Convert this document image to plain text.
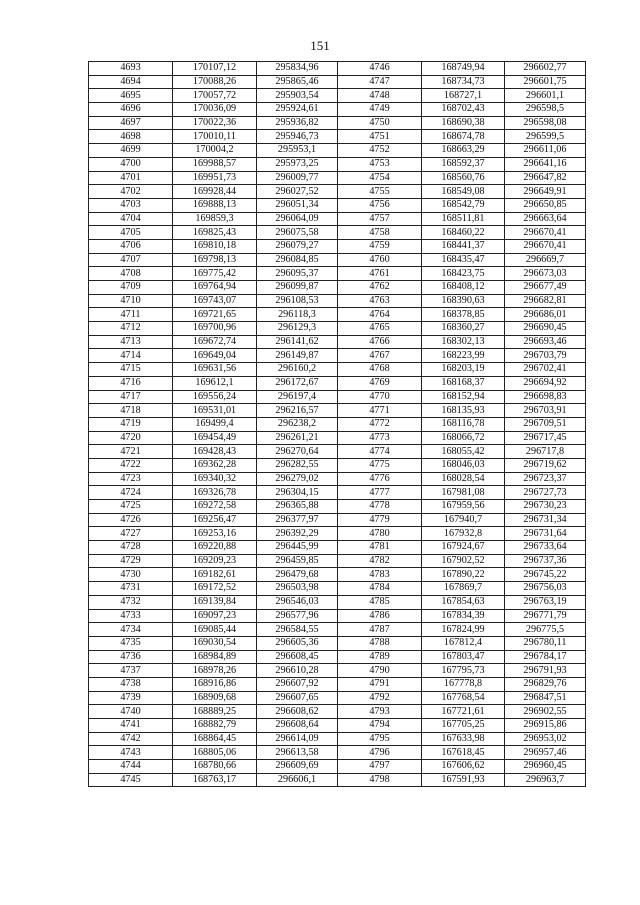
151
4693	170107,12	295834,96	4746	168749,94	296602,77
4694	170088,26	295865,46	4747	168734,73	296601,75
4695	170057,72	295903,54	4748	168727,1	296601,1
4696	170036,09	295924,61	4749	168702,43	296598,5
4697	170022,36	295936,82	4750	168690,38	296598,08
4698	170010,11	295946,73	4751	168674,78	296599,5
4699	170004,2	295953,1	4752	168663,29	296611,06
4700	169988,57	295973,25	4753	168592,37	296641,16
4701	169951,73	296009,77	4754	168560,76	296647,82
4702	169928,44	296027,52	4755	168549,08	296649,91
4703	169888,13	296051,34	4756	168542,79	296650,85
4704	169859,3	296064,09	4757	168511,81	296663,64
4705	169825,43	296075,58	4758	168460,22	296670,41
4706	169810,18	296079,27	4759	168441,37	296670,41
4707	169798,13	296084,85	4760	168435,47	296669,7
4708	169775,42	296095,37	4761	168423,75	296673,03
4709	169764,94	296099,87	4762	168408,12	296677,49
4710	169743,07	296108,53	4763	168390,63	296682,81
4711	169721,65	296118,3	4764	168378,85	296686,01
4712	169700,96	296129,3	4765	168360,27	296690,45
4713	169672,74	296141,62	4766	168302,13	296693,46
4714	169649,04	296149,87	4767	168223,99	296703,79
4715	169631,56	296160,2	4768	168203,19	296702,41
4716	169612,1	296172,67	4769	168168,37	296694,92
4717	169556,24	296197,4	4770	168152,94	296698,83
4718	169531,01	296216,57	4771	168135,93	296703,91
4719	169499,4	296238,2	4772	168116,78	296709,51
4720	169454,49	296261,21	4773	168066,72	296717,45
4721	169428,43	296270,64	4774	168055,42	296717,8
4722	169362,28	296282,55	4775	168046,03	296719,62
4723	169340,32	296279,02	4776	168028,54	296723,37
4724	169326,78	296304,15	4777	167981,08	296727,73
4725	169272,58	296365,88	4778	167959,56	296730,23
4726	169256,47	296377,97	4779	167940,7	296731,34
4727	169253,16	296392,29	4780	167932,8	296731,64
4728	169220,88	296445,99	4781	167924,67	296733,64
4729	169209,23	296459,85	4782	167902,52	296737,36
4730	169182,61	296479,68	4783	167890,22	296745,22
4731	169172,52	296503,98	4784	167869,7	296756,03
4732	169139,84	296546,03	4785	167854,63	296763,19
4733	169097,23	296577,96	4786	167834,39	296771,79
4734	169085,44	296584,55	4787	167824,99	296775,5
4735	169030,54	296605,36	4788	167812,4	296780,11
4736	168984,89	296608,45	4789	167803,47	296784,17
4737	168978,26	296610,28	4790	167795,73	296791,93
4738	168916,86	296607,92	4791	167778,8	296829,76
4739	168909,68	296607,65	4792	167768,54	296847,51
4740	168889,25	296608,62	4793	167721,61	296902,55
4741	168882,79	296608,64	4794	167705,25	296915,86
4742	168864,45	296614,09	4795	167633,98	296953,02
4743	168805,06	296613,58	4796	167618,45	296957,46
4744	168780,66	296609,69	4797	167606,62	296960,45
4745	168763,17	296606,1	4798	167591,93	296963,7
